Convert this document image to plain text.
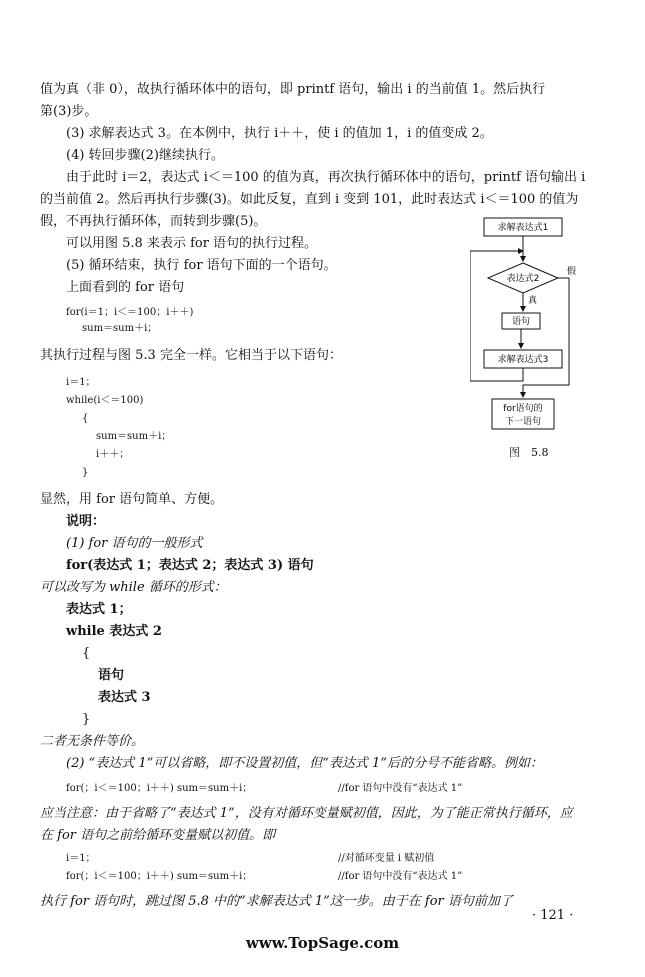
值为真（非 0），故执行循环体中的语句，即 printf 语句，输出 i 的当前值 1。然后执行
第(3)步。
(3) 求解表达式 3。在本例中，执行 i＋＋，使 i 的值加 1，i 的值变成 2。
(4) 转回步骤(2)继续执行。
由于此时 i＝2，表达式 i＜＝100 的值为真，再次执行循环体中的语句，printf 语句输出 i
的当前值 2。然后再执行步骤(3)。如此反复，直到 i 变到 101，此时表达式 i＜＝100 的值为
假，不再执行循环体，而转到步骤(5)。
可以用图 5.8 来表示 for 语句的执行过程。
(5) 循环结束，执行 for 语句下面的一个语句。
上面看到的 for 语句
for(i＝1；i＜＝100；i＋＋)
sum＝sum＋i；
其执行过程与图 5.3 完全一样。它相当于以下语句：
i＝1；
while(i＜＝100)
{
sum＝sum＋i；
i＋＋；
}
显然，用 for 语句简单、方便。
说明：
(1) for 语句的一般形式
for(表达式 1；表达式 2；表达式 3) 语句
可以改写为 while 循环的形式：
表达式 1；
while 表达式 2
{
语句
表达式 3
}
二者无条件等价。
(2) “表达式 1”可以省略，即不设置初值，但“表达式 1”后的分号不能省略。例如：
for(；i＜＝100；i＋＋) sum＝sum＋i；	//for 语句中没有“表达式 1”
应当注意：由于省略了“表达式 1”，没有对循环变量赋初值，因此，为了能正常执行循环，应
在 for 语句之前给循环变量赋以初值。即
i＝1；	//对循环变量 i 赋初值
for(；i＜＝100；i＋＋) sum＝sum＋i；	//for 语句中没有“表达式 1”
执行 for 语句时，跳过图 5.8 中的“求解表达式 1”这一步。由于在 for 语句前加了
求解表达式1
表达式2
真
语句
求解表达式3
假
for语句的
下一语句
图　5.8
· 121 ·
www.TopSage.com
